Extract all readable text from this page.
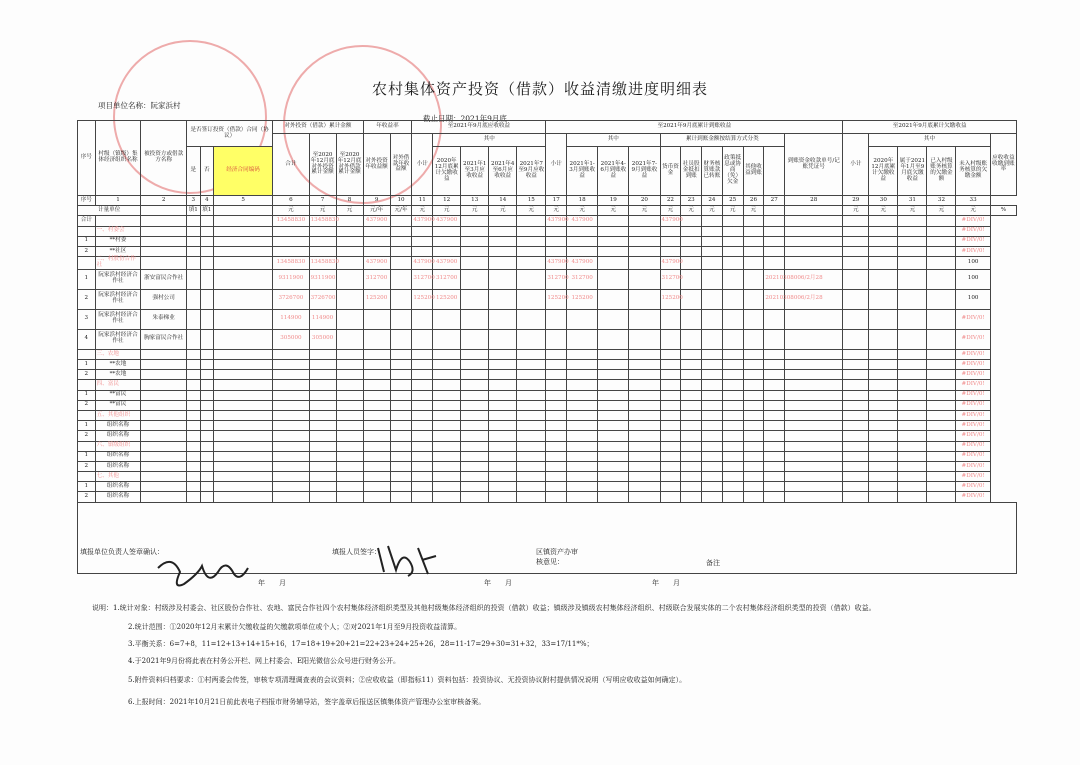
农村集体资产投资（借款）收益清缴进度明细表
项目单位名称：阮家浜村
截止日期：2021年9月底
序号	村级（镇级）集体经济组织名称	被投资方或借款方名称	是否签订投资（借款）合同（协议）			对外投资（借款）累计金额			年收益率		至2021年9月底应收收益					至2021年9月底累计到账收益											至2021年9月底累计欠缴收益					
						合计	至2020年12月底对外投资累计金额	至2020年12月底对外借款累计金额	对外投资年收益额	对外借款年收益额	小计	其中				小计	其中			累计到账金额按结算方式分类						到账资金收款单号/记账凭证号	小计	其中				应收收益收缴到账率
			是	否	经济合同编码							2020年12月底累计欠缴收益	2021年1至3月应收收益	2021年4至6月应收收益	2021年7至9月应收收益		2021年1-3月到账收益	2021年4-6月到账收益	2021年7-9月到账收益	货币资金	社员股金抵扣到账	财务核算账款已转账	政策抵息或协商（免）欠金	其他收益到账				2020年12月底累计欠缴收益	属于2021年1月至9月底欠缴收益	已入村级账务核算的欠缴金额	未入村级账务核算的欠缴金额	
序号	1	2	3	4	5	6	7	8	9	10	11	12	13	14	15	17	18	19	20	22	23	24	25	26	27	28	29	30	31	32	33	
计量单位			填1	填1		元	元	元	元/年	元/年	元	元	元	元	元	元	元	元	元	元	元	元	元	元			元	元	元	元	元	%
合计						13458830	13458830		437900		437900	437900				437900	437900			437900											#DIV/0!	
	一、村委会																														#DIV/0!	
1	**村委																														#DIV/0!	
2	**社区																														#DIV/0!	
	二、村股份合作社					13458830	13458830		437900		437900	437900				437900	437900			437900											100	
1	阮家浜村经济合作社	浙安富民合作社				9311900	9311900		312700		312700	312700				312700	312700			312700					20210308006/2月28						100	
2	阮家浜村经济合作社	强村公司				3726700	3726700		125200		125200	125200				125200	125200			125200					20210308006/2月28						100	
3	阮家浜村经济合作社	朱泰梯业				114900	114900																								#DIV/0!	
4	阮家浜村经济合作社	胸家富民合作社				305000	305000																								#DIV/0!	
	三、农地																														#DIV/0!	
1	**农地																														#DIV/0!	
2	**农地																														#DIV/0!	
	四、富民																														#DIV/0!	
1	**富民																														#DIV/0!	
2	**富民																														#DIV/0!	
	五、其他组织																														#DIV/0!	
1	组织名称																														#DIV/0!	
2	组织名称																														#DIV/0!	
	六、镇级组织																														#DIV/0!	
1	组织名称																														#DIV/0!	
2	组织名称																														#DIV/0!	
	七、其他																														#DIV/0!	
1	组织名称																														#DIV/0!	
2	组织名称																														#DIV/0!	

填报单位负责人签章确认：
年　　月
填报人员签字：
年　　月
区镇资产办审核意见：
年　　月
备注
说明：1.统计对象：村级涉及村委会、社区股份合作社、农地、富民合作社四个农村集体经济组织类型及其他村级集体经济组织的投资（借款）收益；镇级涉及镇级农村集体经济组织、村级联合发展实体的二个农村集体经济组织类型的投资（借款）收益。
2.统计范围：①2020年12月末累计欠缴收益的欠缴款项单位或个人；②对2021年1月至9月投资收益清算。
3.平衡关系：6=7+8，11=12+13+14+15+16，17=18+19+20+21=22+23+24+25+26，28=11-17=29+30=31+32，33=17/11*%；
4.于2021年9月份将此表在村务公开栏、网上村委会、E阳光微信公众号进行财务公开。
5.附件资料归档要求：①村两委会传签，审核专项清理调查表的会议资料；②应收收益（即指标11）资料包括：投资协议、无投资协议附村提供情况说明（写明应收收益如何确定）。
6.上报时间：2021年10月21日前此表电子档报市财务辅导站，签字盖章后报送区镇集体资产管理办公室审核备案。
